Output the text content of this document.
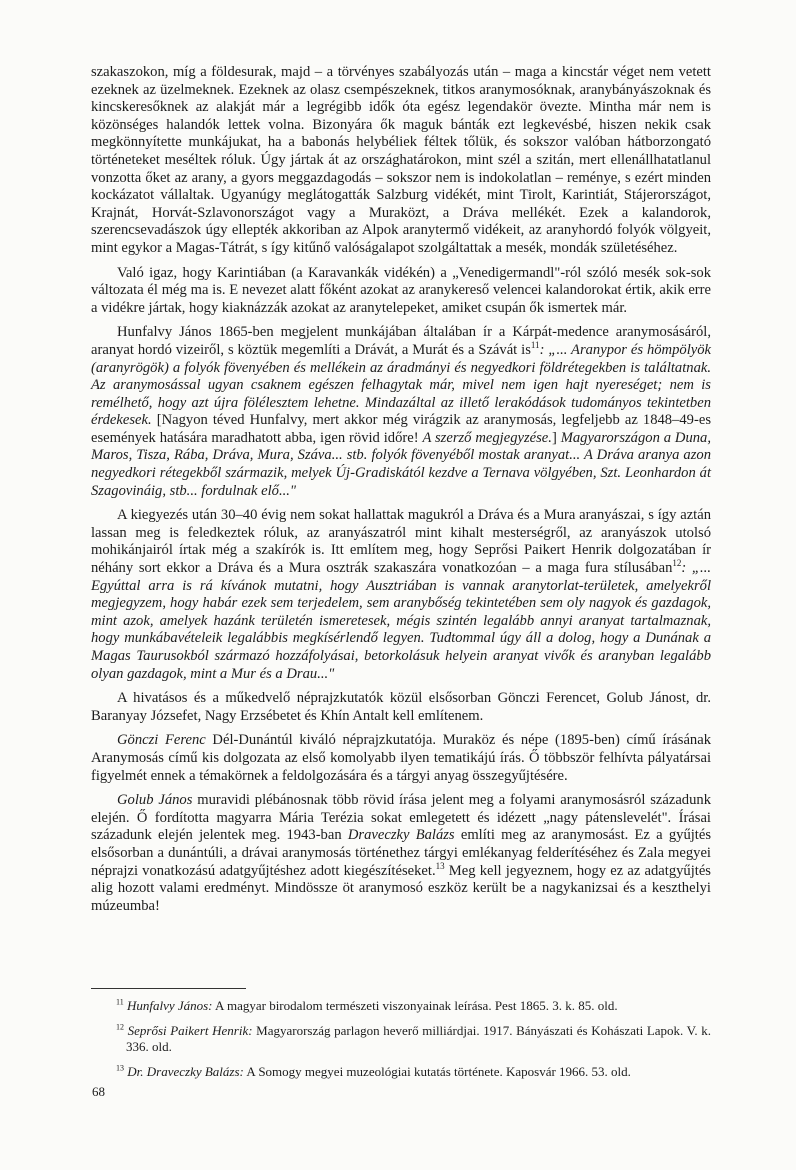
szakaszokon, míg a földesurak, majd – a törvényes szabályozás után – maga a kincstár véget nem vetett ezeknek az üzelmeknek. Ezeknek az olasz csempészeknek, titkos aranymosóknak, aranybányászoknak és kincskeresőknek az alakját már a legrégibb idők óta egész legendakör övezte. Mintha már nem is közönséges halandók lettek volna. Bizonyára ők maguk bánták ezt legkevésbé, hiszen nekik csak megkönnyítette munkájukat, ha a babonás helybéliek féltek tőlük, és sokszor valóban hátborzongató történeteket meséltek róluk. Úgy jártak át az országhatárokon, mint szél a szitán, mert ellenállhatatlanul vonzotta őket az arany, a gyors meggazdagodás – sokszor nem is indokolatlan – reménye, s ezért minden kockázatot vállaltak. Ugyanúgy meglátogatták Salzburg vidékét, mint Tirolt, Karintiát, Stájerországot, Krajnát, Horvát-Szlavonországot vagy a Muraközt, a Dráva mellékét. Ezek a kalandorok, szerencsevadászok úgy ellepték akkoriban az Alpok aranytermő vidékeit, az aranyhordó folyók völgyeit, mint egykor a Magas-Tátrát, s így kitűnő valóságalapot szolgáltattak a mesék, mondák születéséhez.

Való igaz, hogy Karintiában (a Karavankák vidékén) a „Venedigermandl"-ról szóló mesék sok-sok változata él még ma is. E nevezet alatt főként azokat az aranykereső velencei kalandorokat értik, akik erre a vidékre jártak, hogy kiaknázzák azokat az aranytelepeket, amiket csupán ők ismertek már.

Hunfalvy János 1865-ben megjelent munkájában általában ír a Kárpát-medence aranymosásáról, aranyat hordó vizeiről, s köztük megemlíti a Drávát, a Murát és a Szávát $is^{11}$: „... Aranypor és hömpölyök (aranyrögök) a folyók fövenyében és mellékein az áradmányi és negyedkori földrétegekben is találtatnak. Az aranymosással ugyan csaknem egészen felhagytak már, mivel nem igen hajt nyereséget; nem is remélhető, hogy azt újra fölélesztem lehetne. Mindazáltal az illető lerakódások tudományos tekintetben érdekesek. [Nagyon téved Hunfalvy, mert akkor még virágzik az aranymosás, legfeljebb az 1848–49-es események hatására maradhatott abba, igen rövid időre! A szerző megjegyzése.] Magyarországon a Duna, Maros, Tisza, Rába, Dráva, Mura, Száva... stb. folyók fövenyéből mostak aranyat... A Dráva aranya azon negyedkori rétegekből származik, melyek Új-Gradiskától kezdve a Ternava völgyében, Szt. Leonhardon át Szagovináig, stb... fordulnak elő..."

A kiegyezés után 30–40 évig nem sokat hallattak magukról a Dráva és a Mura aranyászai, s így aztán lassan meg is feledkeztek róluk, az aranyászatról mint kihalt mesterségről, az aranyászok utolsó mohikánjairól írtak még a szakírók is. Itt említem meg, hogy Seprősi Paikert Henrik dolgozatában ír néhány sort ekkor a Dráva és a Mura osztrák szakaszára vonatkozóan – a maga fura stílusában$^{12}$: „... Egyúttal arra is rá kívánok mutatni, hogy Ausztriában is vannak aranytorlat-területek, amelyekről megjegyzem, hogy habár ezek sem terjedelem, sem aranybőség tekintetében sem oly nagyok és gazdagok, mint azok, amelyek hazánk területén ismeretesek, mégis szintén legalább annyi aranyat tartalmaznak, hogy munkábavételeik legalábbis megkísérlendő legyen. Tudtommal úgy áll a dolog, hogy a Dunának a Magas Taurusokból származó hozzáfolyásai, betorkolásuk helyein aranyat vivők és aranyban legalább olyan gazdagok, mint a Mur és a Drau..."

A hivatásos és a műkedvelő néprajzkutatók közül elsősorban Gönczi Ferencet, Golub Jánost, dr. Baranyay Józsefet, Nagy Erzsébetet és Khín Antalt kell említenem.

Gönczi Ferenc Dél-Dunántúl kiváló néprajzkutatója. Muraköz és népe (1895-ben) című írásának Aranymosás című kis dolgozata az első komolyabb ilyen tematikájú írás. Ő többször felhívta pályatársai figyelmét ennek a témakörnek a feldolgozására és a tárgyi anyag összegyűjtésére.

Golub János muravidi plébánosnak több rövid írása jelent meg a folyami aranymosásról századunk elején. Ő fordította magyarra Mária Terézia sokat emlegetett és idézett „nagy pátenslevelét". Írásai századunk elején jelentek meg. 1943-ban Draveczky Balázs említi meg az aranymosást. Ez a gyűjtés elsősorban a dunántúli, a drávai aranymosás történethez tárgyi emlékanyag felderítéséhez és Zala megyei néprajzi vonatkozású adatgyűjtéshez adott kiegészítéseket.$^{13}$ Meg kell jegyeznem, hogy ez az adatgyűjtés alig hozott valami eredményt. Mindössze öt aranymosó eszköz került be a nagykanizsai és a keszthelyi múzeumba!

$^{11}$ Hunfalvy János: A magyar birodalom természeti viszonyainak leírása. Pest 1865. 3. k. 85. old.

$^{12}$ Seprősi Paikert Henrik: Magyarország parlagon heverő milliárdjai. 1917. Bányászati és Kohászati Lapok. V. k. 336. old.

$^{13}$ Dr. Draveczky Balázs: A Somogy megyei muzeológiai kutatás története. Kaposvár 1966. 53. old.

68
